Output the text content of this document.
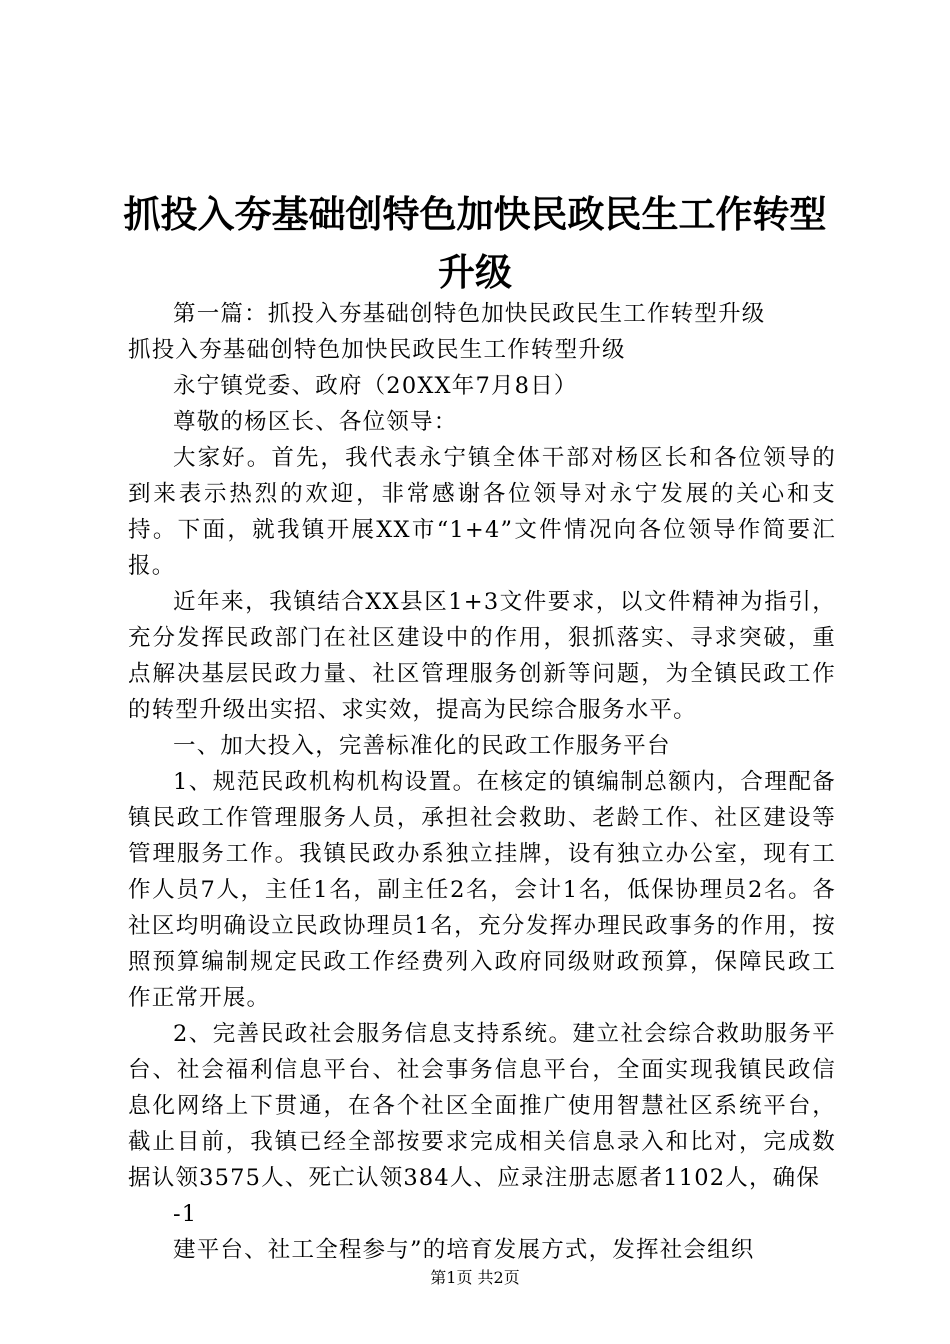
抓投入夯基础创特色加快民政民生工作转型升级

第一篇：抓投入夯基础创特色加快民政民生工作转型升级

抓投入夯基础创特色加快民政民生工作转型升级

永宁镇党委、政府（20XX年7月8日）

尊敬的杨区长、各位领导：

大家好。首先，我代表永宁镇全体干部对杨区长和各位领导的到来表示热烈的欢迎，非常感谢各位领导对永宁发展的关心和支持。下面，就我镇开展XX市“1+4”文件情况向各位领导作简要汇报。

近年来，我镇结合XX县区1+3文件要求，以文件精神为指引，充分发挥民政部门在社区建设中的作用，狠抓落实、寻求突破，重点解决基层民政力量、社区管理服务创新等问题，为全镇民政工作的转型升级出实招、求实效，提高为民综合服务水平。

一、加大投入，完善标准化的民政工作服务平台

1、规范民政机构机构设置。在核定的镇编制总额内，合理配备镇民政工作管理服务人员，承担社会救助、老龄工作、社区建设等管理服务工作。我镇民政办系独立挂牌，设有独立办公室，现有工作人员7人，主任1名，副主任2名，会计1名，低保协理员2名。各社区均明确设立民政协理员1名，充分发挥办理民政事务的作用，按照预算编制规定民政工作经费列入政府同级财政预算，保障民政工作正常开展。

2、完善民政社会服务信息支持系统。建立社会综合救助服务平台、社会福利信息平台、社会事务信息平台，全面实现我镇民政信息化网络上下贯通，在各个社区全面推广使用智慧社区系统平台，截止目前，我镇已经全部按要求完成相关信息录入和比对，完成数据认领3575人、死亡认领384人、应录注册志愿者1102人，确保

-1

建平台、社工全程参与”的培育发展方式，发挥社会组织

第1页 共2页
